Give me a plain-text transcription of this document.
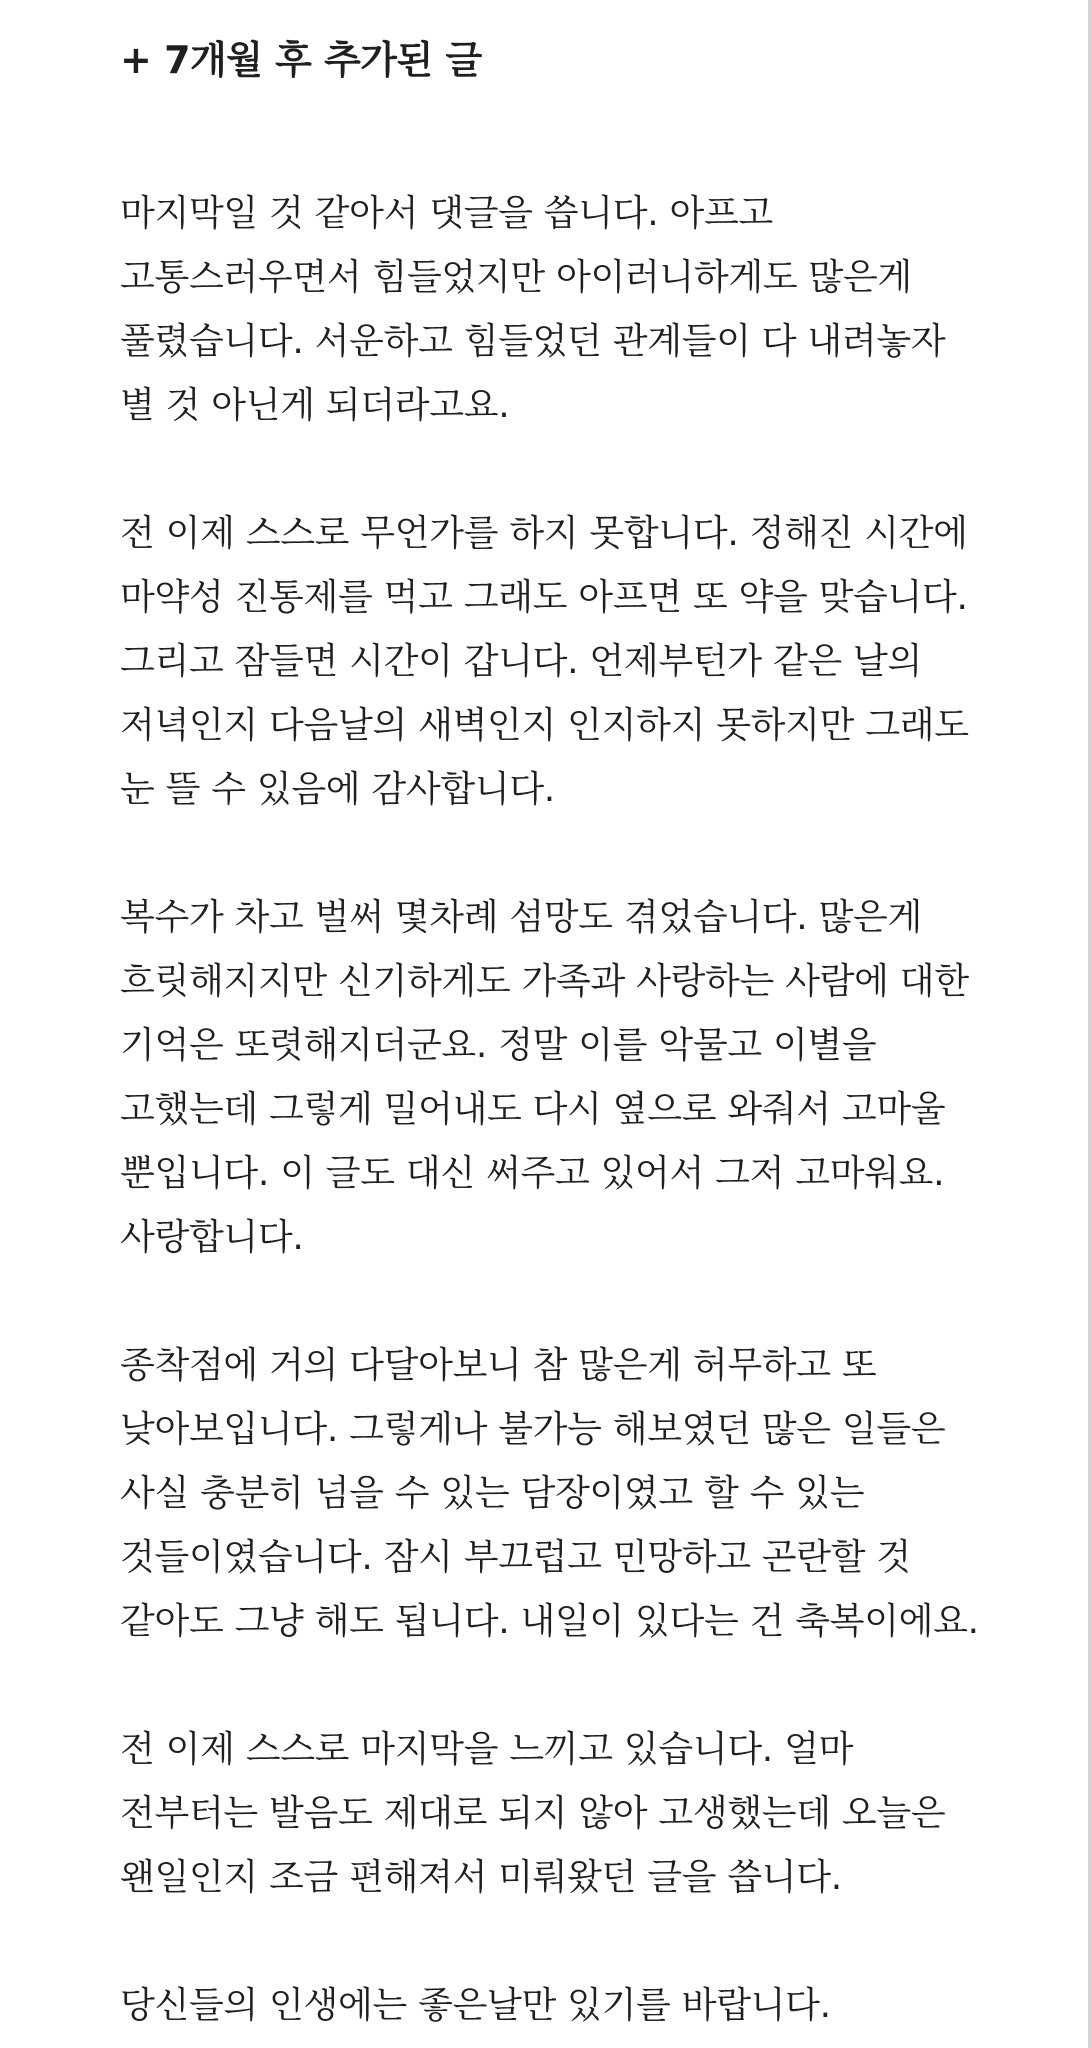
+ 7개월 후 추가된 글
마지막일 것 같아서 댓글을 씁니다. 아프고
고통스러우면서 힘들었지만 아이러니하게도 많은게
풀렸습니다. 서운하고 힘들었던 관계들이 다 내려놓자
별 것 아닌게 되더라고요.
전 이제 스스로 무언가를 하지 못합니다. 정해진 시간에
마약성 진통제를 먹고 그래도 아프면 또 약을 맞습니다.
그리고 잠들면 시간이 갑니다. 언제부턴가 같은 날의
저녁인지 다음날의 새벽인지 인지하지 못하지만 그래도
눈 뜰 수 있음에 감사합니다.
복수가 차고 벌써 몇차례 섬망도 겪었습니다. 많은게
흐릿해지지만 신기하게도 가족과 사랑하는 사람에 대한
기억은 또렷해지더군요. 정말 이를 악물고 이별을
고했는데 그렇게 밀어내도 다시 옆으로 와줘서 고마울
뿐입니다. 이 글도 대신 써주고 있어서 그저 고마워요.
사랑합니다.
종착점에 거의 다달아보니 참 많은게 허무하고 또
낮아보입니다. 그렇게나 불가능 해보였던 많은 일들은
사실 충분히 넘을 수 있는 담장이였고 할 수 있는
것들이였습니다. 잠시 부끄럽고 민망하고 곤란할 것
같아도 그냥 해도 됩니다. 내일이 있다는 건 축복이에요.
전 이제 스스로 마지막을 느끼고 있습니다. 얼마
전부터는 발음도 제대로 되지 않아 고생했는데 오늘은
왠일인지 조금 편해져서 미뤄왔던 글을 씁니다.
당신들의 인생에는 좋은날만 있기를 바랍니다.
